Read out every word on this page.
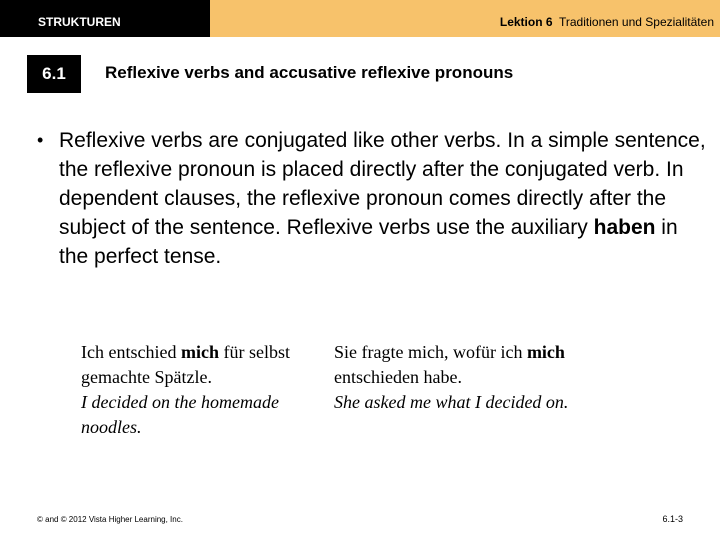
STRUKTUREN	Lektion 6 Traditionen und Spezialitäten
6.1	Reflexive verbs and accusative reflexive pronouns
• Reflexive verbs are conjugated like other verbs. In a simple sentence, the reflexive pronoun is placed directly after the conjugated verb. In dependent clauses, the reflexive pronoun comes directly after the subject of the sentence. Reflexive verbs use the auxiliary haben in the perfect tense.
Ich entschied mich für selbst gemachte Spätzle.
I decided on the homemade noodles.
Sie fragte mich, wofür ich mich entschieden habe.
She asked me what I decided on.
© and © 2012 Vista Higher Learning, Inc.	6.1-3
